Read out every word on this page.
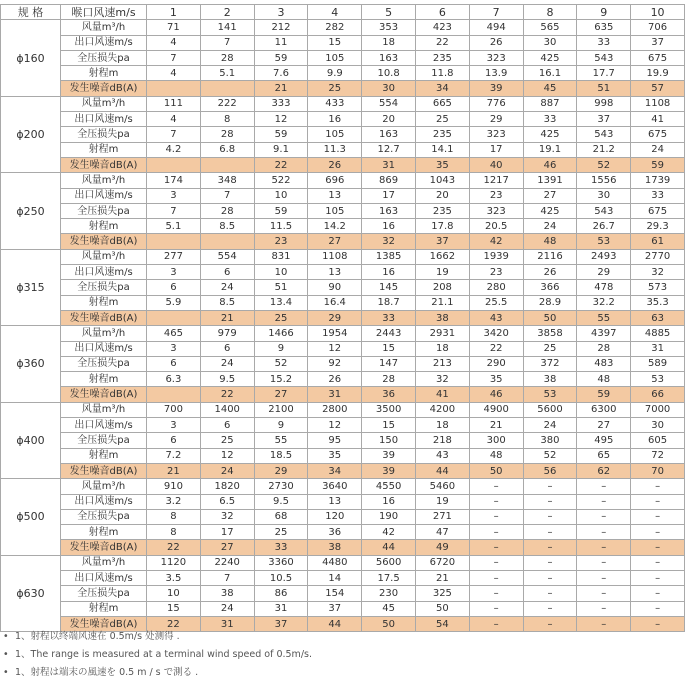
规 格	喉口风速m/s	1	2	3	4	5	6	7	8	9	10
ϕ160	风量m³/h	71	141	212	282	353	423	494	565	635	706
	出口风速m/s	4	7	11	15	18	22	26	30	33	37
	全压损失pa	7	28	59	105	163	235	323	425	543	675
	射程m	4	5.1	7.6	9.9	10.8	11.8	13.9	16.1	17.7	19.9
	发生噪音dB(A)			21	25	30	34	39	45	51	57
ϕ200	风量m³/h	111	222	333	433	554	665	776	887	998	1108
	出口风速m/s	4	8	12	16	20	25	29	33	37	41
	全压损失pa	7	28	59	105	163	235	323	425	543	675
	射程m	4.2	6.8	9.1	11.3	12.7	14.1	17	19.1	21.2	24
	发生噪音dB(A)			22	26	31	35	40	46	52	59
ϕ250	风量m³/h	174	348	522	696	869	1043	1217	1391	1556	1739
	出口风速m/s	3	7	10	13	17	20	23	27	30	33
	全压损失pa	7	28	59	105	163	235	323	425	543	675
	射程m	5.1	8.5	11.5	14.2	16	17.8	20.5	24	26.7	29.3
	发生噪音dB(A)			23	27	32	37	42	48	53	61
ϕ315	风量m³/h	277	554	831	1108	1385	1662	1939	2116	2493	2770
	出口风速m/s	3	6	10	13	16	19	23	26	29	32
	全压损失pa	6	24	51	90	145	208	280	366	478	573
	射程m	5.9	8.5	13.4	16.4	18.7	21.1	25.5	28.9	32.2	35.3
	发生噪音dB(A)		21	25	29	33	38	43	50	55	63
ϕ360	风量m³/h	465	979	1466	1954	2443	2931	3420	3858	4397	4885
	出口风速m/s	3	6	9	12	15	18	22	25	28	31
	全压损失pa	6	24	52	92	147	213	290	372	483	589
	射程m	6.3	9.5	15.2	26	28	32	35	38	48	53
	发生噪音dB(A)		22	27	31	36	41	46	53	59	66
ϕ400	风量m³/h	700	1400	2100	2800	3500	4200	4900	5600	6300	7000
	出口风速m/s	3	6	9	12	15	18	21	24	27	30
	全压损失pa	6	25	55	95	150	218	300	380	495	605
	射程m	7.2	12	18.5	35	39	43	48	52	65	72
	发生噪音dB(A)	21	24	29	34	39	44	50	56	62	70
ϕ500	风量m³/h	910	1820	2730	3640	4550	5460	–	–	–	–
	出口风速m/s	3.2	6.5	9.5	13	16	19	–	–	–	–
	全压损失pa	8	32	68	120	190	271	–	–	–	–
	射程m	8	17	25	36	42	47	–	–	–	–
	发生噪音dB(A)	22	27	33	38	44	49	–	–	–	–
ϕ630	风量m³/h	1120	2240	3360	4480	5600	6720	–	–	–	–
	出口风速m/s	3.5	7	10.5	14	17.5	21	–	–	–	–
	全压损失pa	10	38	86	154	230	325	–	–	–	–
	射程m	15	24	31	37	45	50	–	–	–	–
	发生噪音dB(A)	22	31	37	44	50	54	–	–	–	–
• 1、射程以终端风速在 0.5m/s 处测得 .
• 1、The range is measured at a terminal wind speed of 0.5m/s.
• 1、射程は端末の風速を 0.5 m / s で測る .
